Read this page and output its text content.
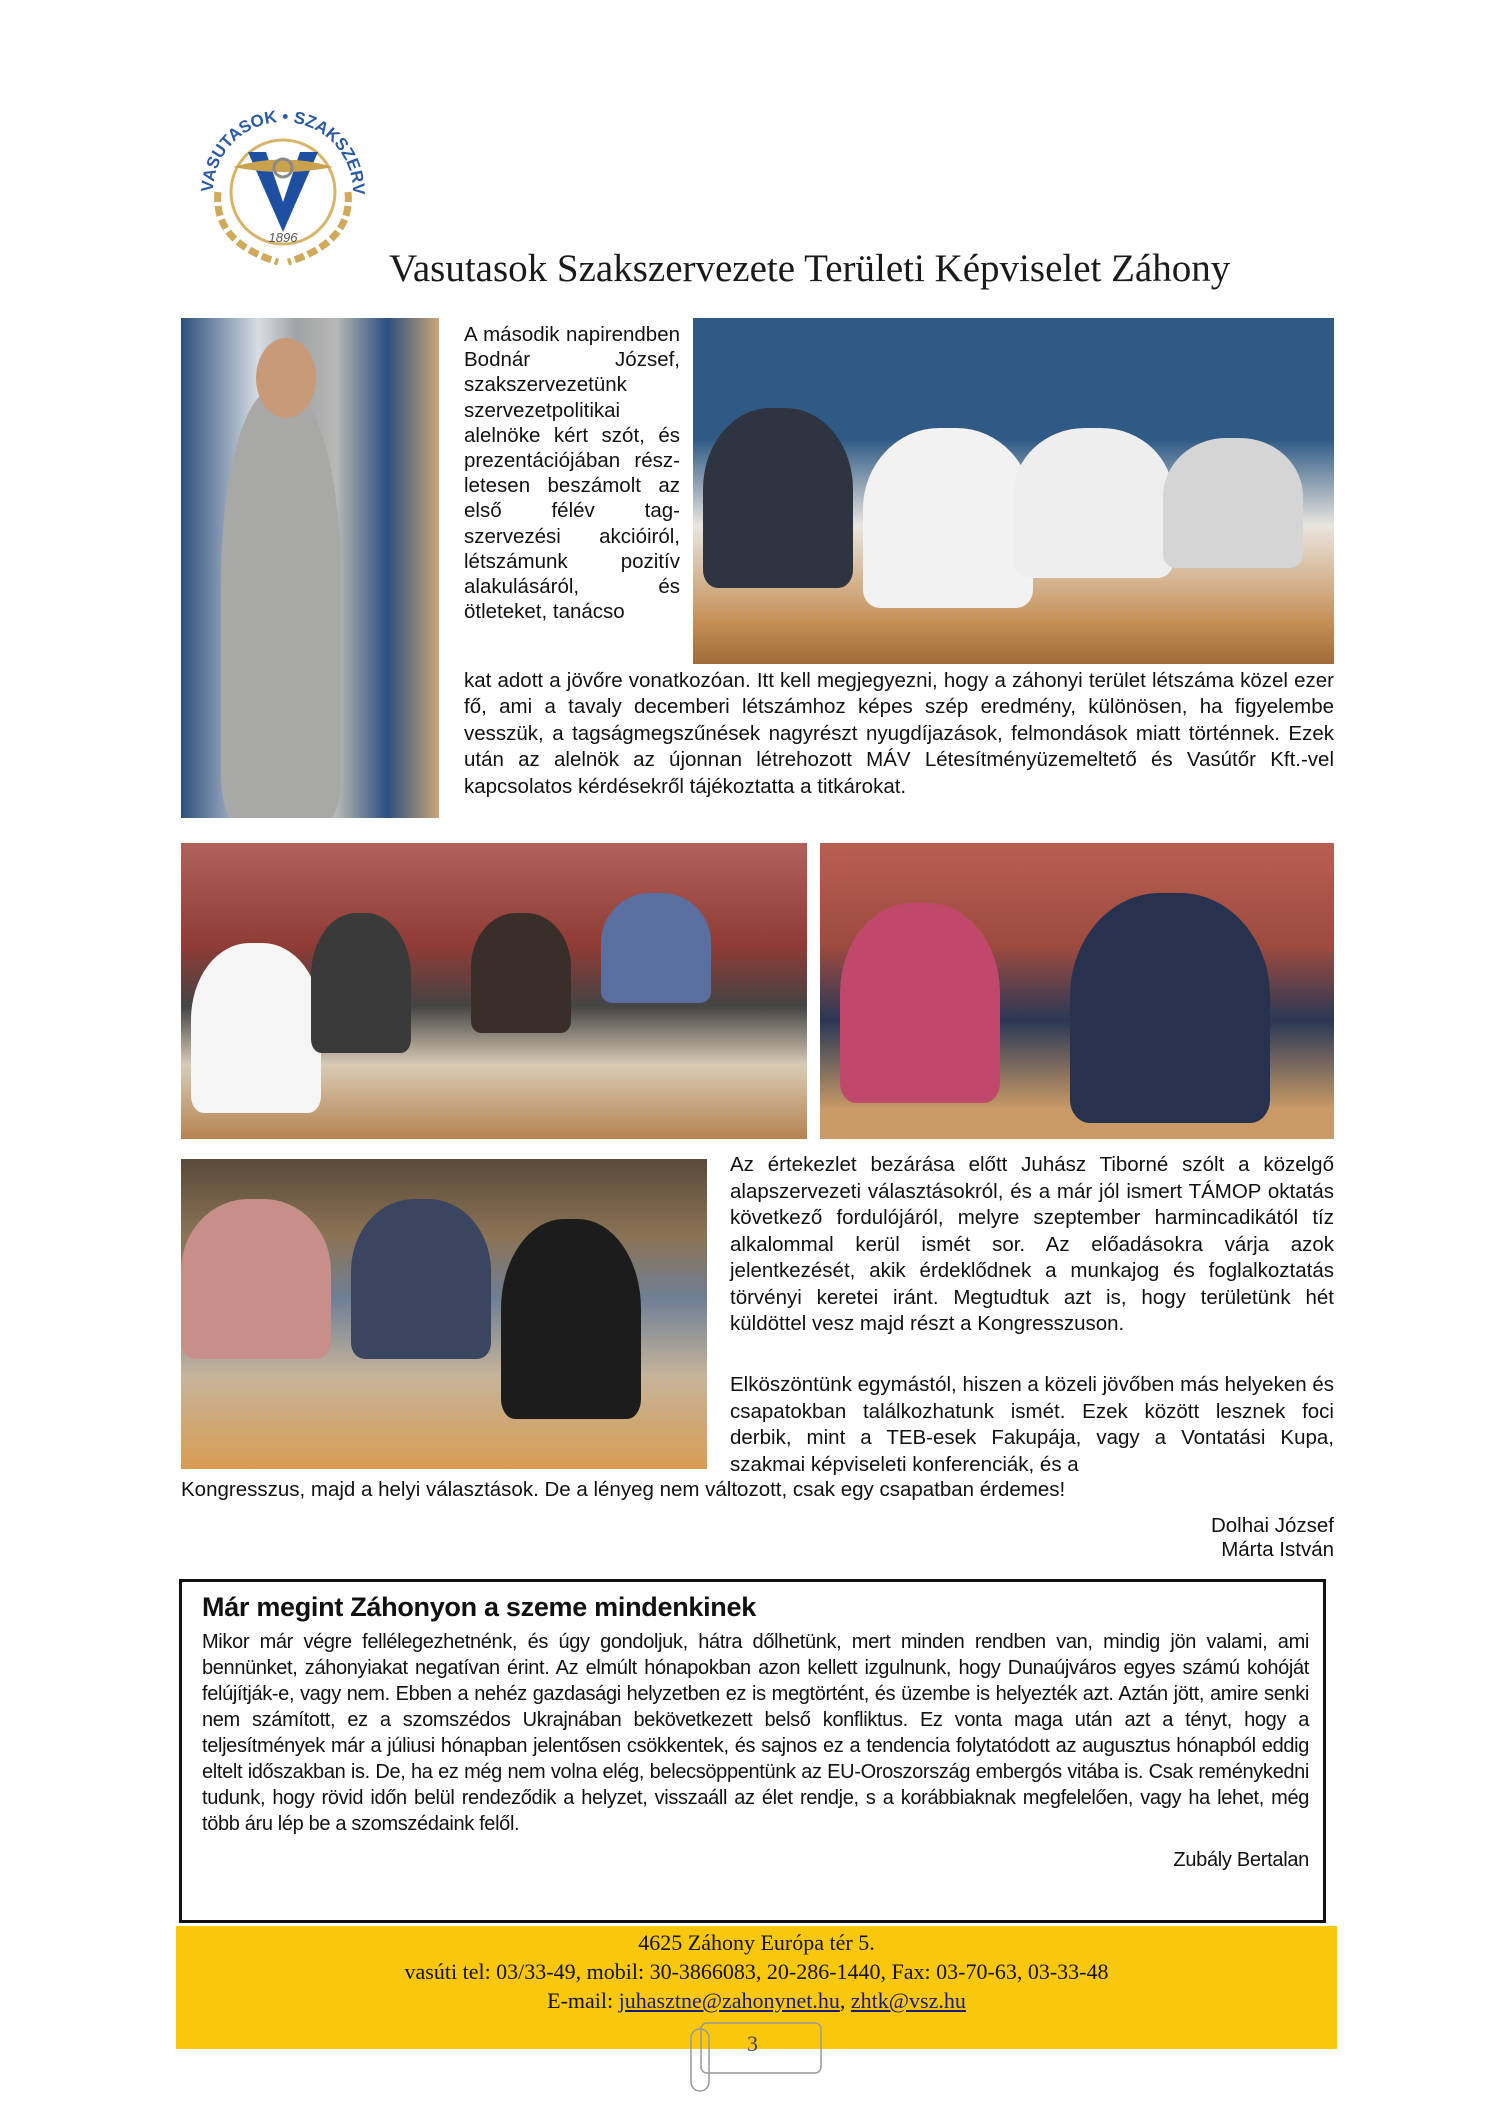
VASUTASOK • SZAKSZERV
1896
Vasutasok Szakszervezete Területi Képviselet Záhony
A második napirendben Bodnár József, szakszervezetünk szervezetpolitikai alelnöke kért szót, és prezentációjában részletesen beszámolt az első félév tagszervezési akcióiról, létszámunk pozitív alakulásáról, és ötleteket, tanácso
kat adott a jövőre vonatkozóan. Itt kell megjegyezni, hogy a záhonyi terület létszáma közel ezer fő, ami a tavaly decemberi létszámhoz képes szép eredmény, különösen, ha figyelembe vesszük, a tagságmegszűnések nagyrészt nyugdíjazások, felmondások miatt történnek. Ezek után az alelnök az újonnan létrehozott MÁV Létesítményüzemeltető és Vasútőr Kft.-vel kapcsolatos kérdésekről tájékoztatta a titkárokat.
Az értekezlet bezárása előtt Juhász Tiborné szólt a közelgő alapszervezeti választásokról, és a már jól ismert TÁMOP oktatás következő fordulójáról, melyre szeptember harmincadikától tíz alkalommal kerül ismét sor. Az előadásokra várja azok jelentkezését, akik érdeklődnek a munkajog és foglalkoztatás törvényi keretei iránt. Megtudtuk azt is, hogy területünk hét küldöttel vesz majd részt a Kongresszuson.
Elköszöntünk egymástól, hiszen a közeli jövőben más helyeken és csapatokban találkozhatunk ismét. Ezek között lesznek foci derbik, mint a TEB-esek Fakupája, vagy a Vontatási Kupa, szakmai képviseleti konferenciák, és a
Kongresszus, majd a helyi választások. De a lényeg nem változott, csak egy csapatban érdemes!
Dolhai József
Márta István
Már megint Záhonyon a szeme mindenkinek

Mikor már végre fellélegezhetnénk, és úgy gondoljuk, hátra dőlhetünk, mert minden rendben van, mindig jön valami, ami bennünket, záhonyiakat negatívan érint. Az elmúlt hónapokban azon kellett izgulnunk, hogy Dunaújváros egyes számú kohóját felújítják-e, vagy nem. Ebben a nehéz gazdasági helyzetben ez is megtörtént, és üzembe is helyezték azt. Aztán jött, amire senki nem számított, ez a szomszédos Ukrajnában bekövetkezett belső konfliktus. Ez vonta maga után azt a tényt, hogy a teljesítmények már a júliusi hónapban jelentősen csökkentek, és sajnos ez a tendencia folytatódott az augusztus hónapból eddig eltelt időszakban is. De, ha ez még nem volna elég, belecsöppentünk az EU-Oroszország embergós vitába is. Csak reménykedni tudunk, hogy rövid időn belül rendeződik a helyzet, visszaáll az élet rendje, s a korábbiaknak megfelelően, vagy ha lehet, még több áru lép be a szomszédaink felől.

Zubály Bertalan
4625 Záhony Európa tér 5.
vasúti tel: 03/33-49, mobil: 30-3866083, 20-286-1440, Fax: 03-70-63, 03-33-48
E-mail: juhasztne@zahonynet.hu, zhtk@vsz.hu
3
